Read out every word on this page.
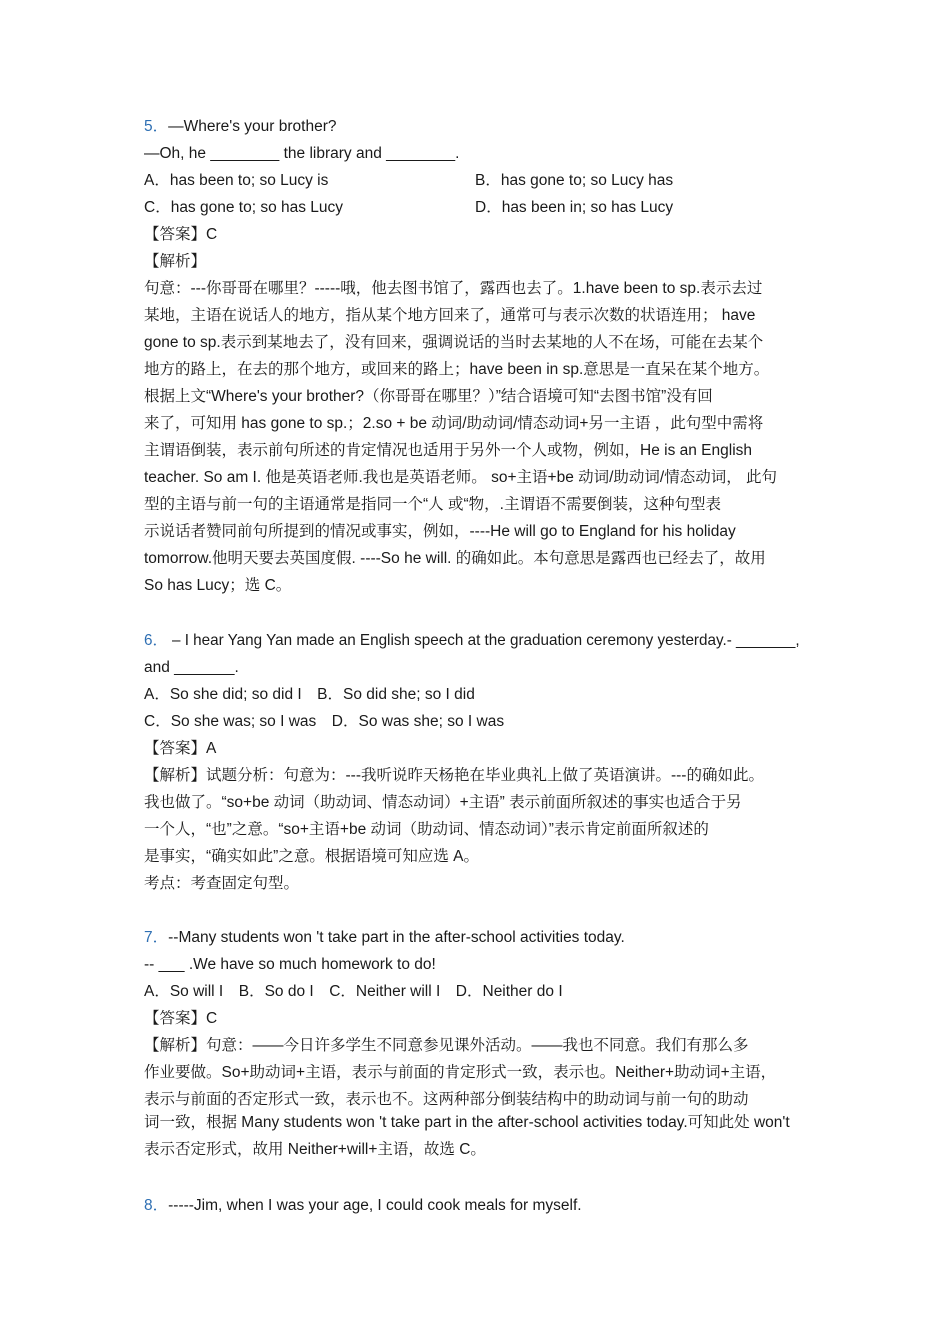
5．—Where's your brother?
—Oh, he ________ the library and ________.
A．has been to; so Lucy is	B．has gone to; so Lucy has
C．has gone to; so has Lucy	D．has been in; so has Lucy
【答案】C
【解析】
句意：---你哥哥在哪里？-----哦，他去图书馆了，露西也去了。1.have been to sp.表示去过
某地，主语在说话人的地方，指从某个地方回来了，通常可与表示次数的状语连用； have
gone to sp.表示到某地去了，没有回来，强调说话的当时去某地的人不在场，可能在去某个
地方的路上，在去的那个地方，或回来的路上；have been in sp.意思是一直呆在某个地方。
根据上文“Where's your brother?（你哥哥在哪里？）”结合语境可知“去图书馆”没有回
来了，可知用 has gone to sp.；2.so + be 动词/助动词/情态动词+另一主语 ，此句型中需将
主谓语倒装，表示前句所述的肯定情况也适用于另外一个人或物，例如，He is an English
teacher. So am I. 他是英语老师.我也是英语老师。 so+主语+be 动词/助动词/情态动词， 此句
型的主语与前一句的主语通常是指同一个“人 或“物，.主谓语不需要倒装，这种句型表
示说话者赞同前句所提到的情况或事实，例如，----He will go to England for his holiday
tomorrow.他明天要去英国度假. ----So he will. 的确如此。本句意思是露西也已经去了，故用
So has Lucy；选 C。
6． – I hear Yang Yan made an English speech at the graduation ceremony yesterday.- _______,
and _______.
A．So she did; so did I　B．So did she; so I did
C．So she was; so I was　D．So was she; so I was
【答案】A
【解析】试题分析：句意为：---我听说昨天杨艳在毕业典礼上做了英语演讲。---的确如此。
我也做了。“so+be 动词（助动词、情态动词）+主语” 表示前面所叙述的事实也适合于另
一个人，“也”之意。“so+主语+be 动词（助动词、情态动词）”表示肯定前面所叙述的
是事实，“确实如此”之意。根据语境可知应选 A。
考点：考查固定句型。
7．--Many students won 't take part in the after-school activities today.
-- ___ .We have so much homework to do!
A．So will I　B．So do I　C．Neither will I　D．Neither do I
【答案】C
【解析】句意：——今日许多学生不同意参见课外活动。——我也不同意。我们有那么多
作业要做。So+助动词+主语，表示与前面的肯定形式一致，表示也。Neither+助动词+主语，
表示与前面的否定形式一致，表示也不。这两种部分倒装结构中的助动词与前一句的助动
词一致，根据 Many students won 't take part in the after-school activities today.可知此处 won't
表示否定形式，故用 Neither+will+主语，故选 C。
8．-----Jim, when I was your age, I could cook meals for myself.
